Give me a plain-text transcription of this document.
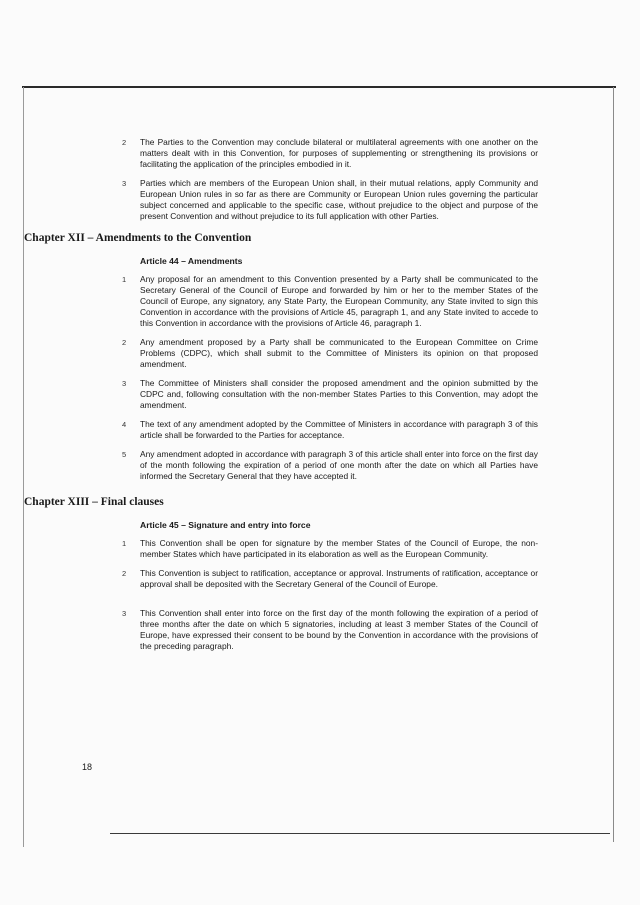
2	The Parties to the Convention may conclude bilateral or multilateral agreements with one another on the matters dealt with in this Convention, for purposes of supplementing or strengthening its provisions or facilitating the application of the principles embodied in it.
3	Parties which are members of the European Union shall, in their mutual relations, apply Community and European Union rules in so far as there are Community or European Union rules governing the particular subject concerned and applicable to the specific case, without prejudice to the object and purpose of the present Convention and without prejudice to its full application with other Parties.
Chapter XII – Amendments to the Convention
Article 44 – Amendments
1	Any proposal for an amendment to this Convention presented by a Party shall be communicated to the Secretary General of the Council of Europe and forwarded by him or her to the member States of the Council of Europe, any signatory, any State Party, the European Community, any State invited to sign this Convention in accordance with the provisions of Article 45, paragraph 1, and any State invited to accede to this Convention in accordance with the provisions of Article 46, paragraph 1.
2	Any amendment proposed by a Party shall be communicated to the European Committee on Crime Problems (CDPC), which shall submit to the Committee of Ministers its opinion on that proposed amendment.
3	The Committee of Ministers shall consider the proposed amendment and the opinion submitted by the CDPC and, following consultation with the non-member States Parties to this Convention, may adopt the amendment.
4	The text of any amendment adopted by the Committee of Ministers in accordance with paragraph 3 of this article shall be forwarded to the Parties for acceptance.
5	Any amendment adopted in accordance with paragraph 3 of this article shall enter into force on the first day of the month following the expiration of a period of one month after the date on which all Parties have informed the Secretary General that they have accepted it.
Chapter XIII – Final clauses
Article 45 – Signature and entry into force
1	This Convention shall be open for signature by the member States of the Council of Europe, the non-member States which have participated in its elaboration as well as the European Community.
2	This Convention is subject to ratification, acceptance or approval. Instruments of ratification, acceptance or approval shall be deposited with the Secretary General of the Council of Europe.
3	This Convention shall enter into force on the first day of the month following the expiration of a period of three months after the date on which 5 signatories, including at least 3 member States of the Council of Europe, have expressed their consent to be bound by the Convention in accordance with the provisions of the preceding paragraph.
18
